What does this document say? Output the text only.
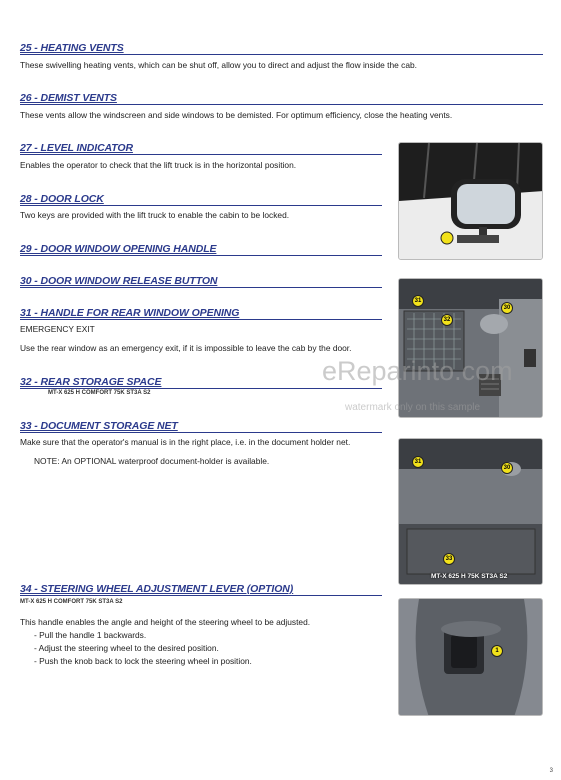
25 - HEATING VENTS
These swivelling heating vents, which can be shut off, allow you to direct and adjust the flow inside the cab.
26 - DEMIST VENTS
These vents allow the windscreen and side windows to be demisted. For optimum efficiency, close the heating vents.
27 - LEVEL INDICATOR
Enables the operator to check that the lift truck is in the horizontal position.
28 - DOOR LOCK
Two keys are provided with the lift truck to enable the cabin to be locked.
29 - DOOR WINDOW OPENING HANDLE
30 - DOOR WINDOW RELEASE BUTTON
31 - HANDLE FOR REAR WINDOW OPENING
EMERGENCY EXIT
Use the rear window as an emergency exit, if it is impossible to leave the cab by the door.
32 - REAR STORAGE SPACE
MT-X 625 H COMFORT 75K ST3A S2
33 - DOCUMENT STORAGE NET
Make sure that the operator's manual is in the right place, i.e. in the document holder net.
NOTE: An OPTIONAL waterproof document-holder is available.
34 - STEERING WHEEL ADJUSTMENT LEVER (OPTION)
MT-X 625 H COMFORT 75K ST3A S2
This handle enables the angle and height of the steering wheel to be adjusted.
- Pull the handle 1 backwards.
- Adjust the steering wheel to the desired position.
- Push the knob back to lock the steering wheel in position.
31
30
32
31
30
33
MT-X 625 H 75K ST3A S2
1
eReparinto.com
watermark only on this sample
3
